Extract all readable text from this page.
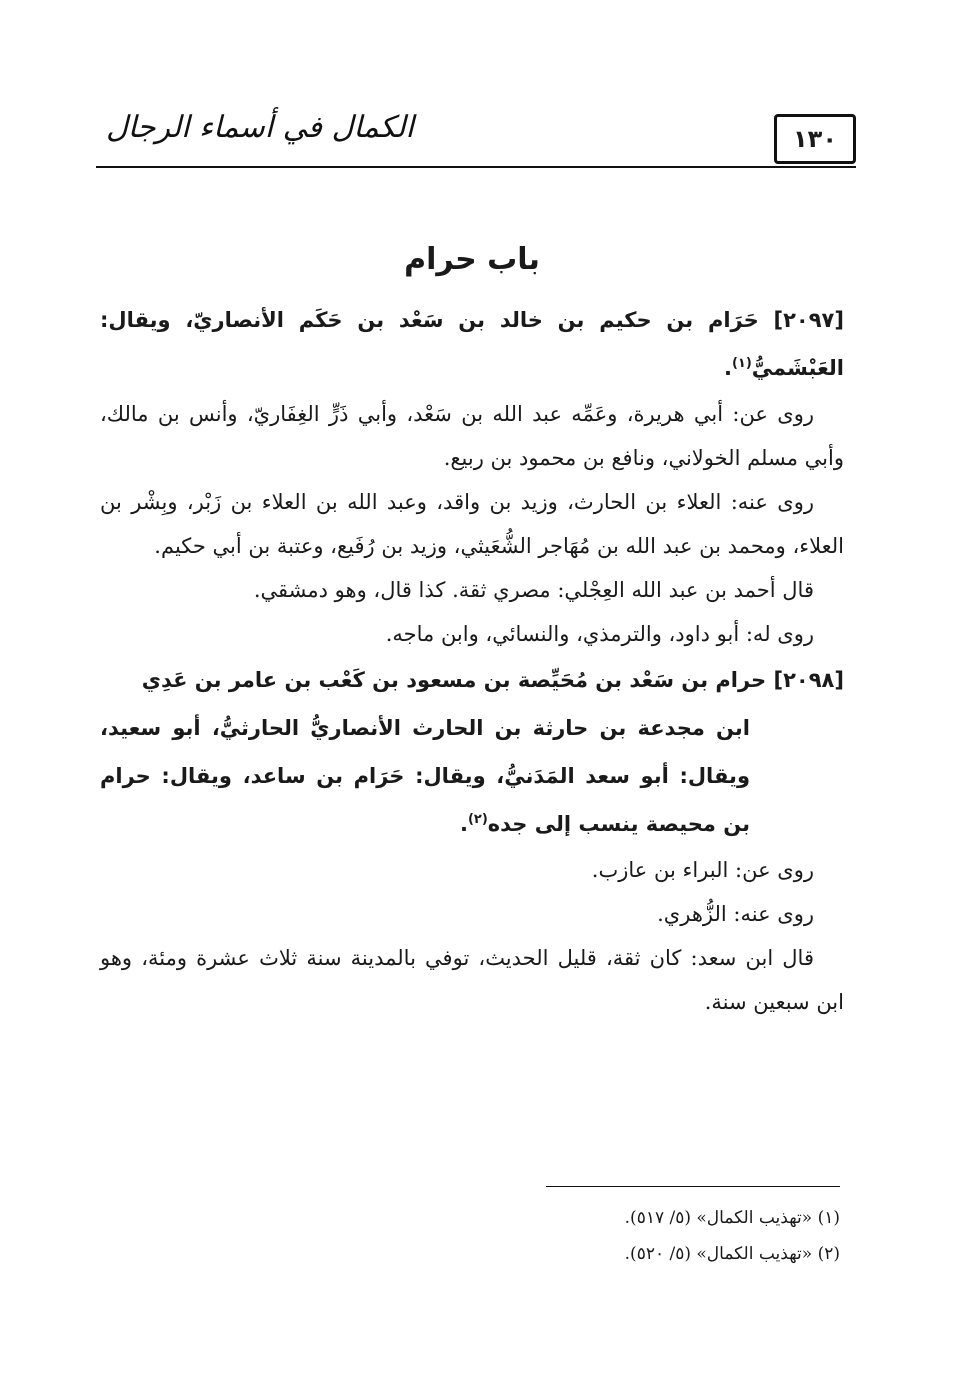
١٣٠
الكمال في أسماء الرجال
باب حرام
[٢٠٩٧] حَرَام بن حكيم بن خالد بن سَعْد بن حَكَم الأنصاريّ، ويقال: العَبْشَميُّ$^{(١)}$.
روى عن: أبي هريرة، وعَمِّه عبد الله بن سَعْد، وأبي ذَرٍّ الغِفَاريّ، وأنس بن مالك، وأبي مسلم الخولاني، ونافع بن محمود بن ربيع.
روى عنه: العلاء بن الحارث، وزيد بن واقد، وعبد الله بن العلاء بن زَبْر، وبِشْر بن العلاء، ومحمد بن عبد الله بن مُهَاجر الشُّعَيثي، وزيد بن رُفَيع، وعتبة بن أبي حكيم.
قال أحمد بن عبد الله العِجْلي: مصري ثقة. كذا قال، وهو دمشقي.
روى له: أبو داود، والترمذي، والنسائي، وابن ماجه.
[٢٠٩٨] حرام بن سَعْد بن مُحَيِّصة بن مسعود بن كَعْب بن عامر بن عَدِي
ابن مجدعة بن حارثة بن الحارث الأنصاريُّ الحارثيُّ، أبو سعيد، ويقال: أبو سعد المَدَنيُّ، ويقال: حَرَام بن ساعد، ويقال: حرام بن محيصة ينسب إلى جده$^{(٢)}$.
روى عن: البراء بن عازب.
روى عنه: الزُّهري.
قال ابن سعد: كان ثقة، قليل الحديث، توفي بالمدينة سنة ثلاث عشرة ومئة، وهو ابن سبعين سنة.
(١) «تهذيب الكمال» (٥/ ٥١٧).
(٢) «تهذيب الكمال» (٥/ ٥٢٠).
